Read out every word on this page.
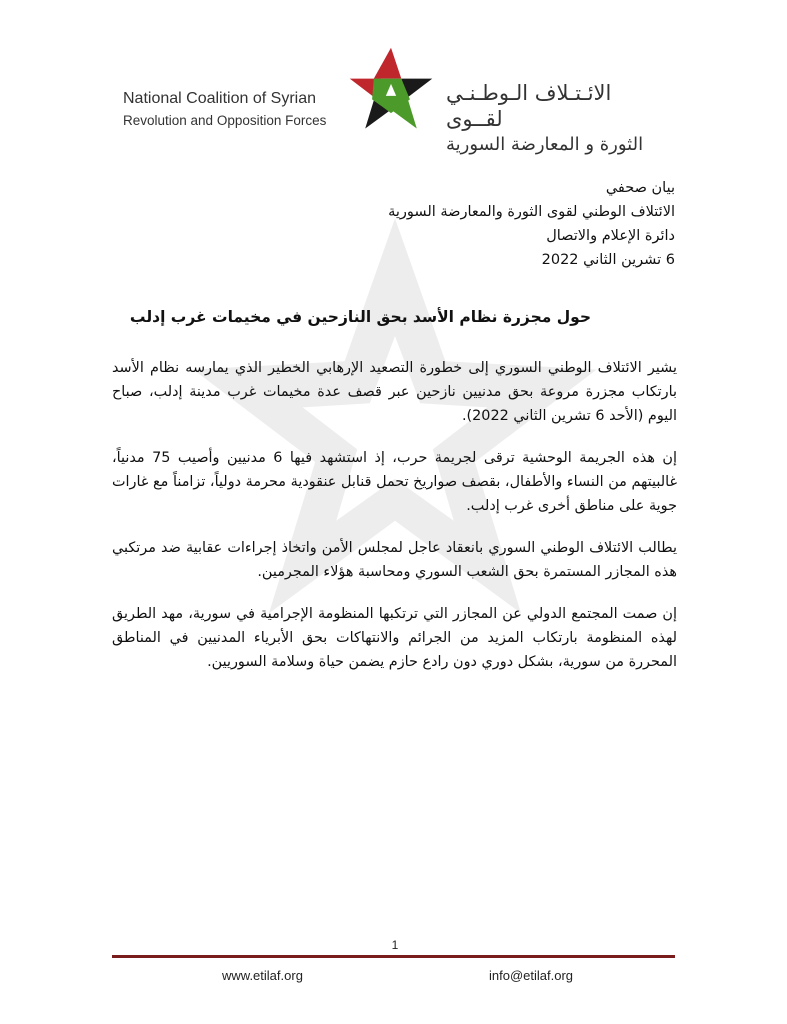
National Coalition of Syrian
Revolution and Opposition Forces
الائـتـلاف الـوطـنـي لقــوى
الثورة و المعارضة السورية
بيان صحفي
الائتلاف الوطني لقوى الثورة والمعارضة السورية
دائرة الإعلام والاتصال
6 تشرين الثاني 2022
حول مجزرة نظام الأسد بحق النازحين في مخيمات غرب إدلب

يشير الائتلاف الوطني السوري إلى خطورة التصعيد الإرهابي الخطير الذي يمارسه نظام الأسد بارتكاب مجزرة مروعة بحق مدنيين نازحين عبر قصف عدة مخيمات غرب مدينة إدلب، صباح اليوم (الأحد 6 تشرين الثاني 2022).

إن هذه الجريمة الوحشية ترقى لجريمة حرب، إذ استشهد فيها 6 مدنيين وأصيب 75 مدنياً، غالبيتهم من النساء والأطفال، بقصف صواريخ تحمل قنابل عنقودية محرمة دولياً، تزامناً مع غارات جوية على مناطق أخرى غرب إدلب.

يطالب الائتلاف الوطني السوري بانعقاد عاجل لمجلس الأمن واتخاذ إجراءات عقابية ضد مرتكبي هذه المجازر المستمرة بحق الشعب السوري ومحاسبة هؤلاء المجرمين.

إن صمت المجتمع الدولي عن المجازر التي ترتكبها المنظومة الإجرامية في سورية، مهد الطريق لهذه المنظومة بارتكاب المزيد من الجرائم والانتهاكات بحق الأبرياء المدنيين في المناطق المحررة من سورية، بشكل دوري دون رادع حازم يضمن حياة وسلامة السوريين.

1
www.etilaf.org	info@etilaf.org
